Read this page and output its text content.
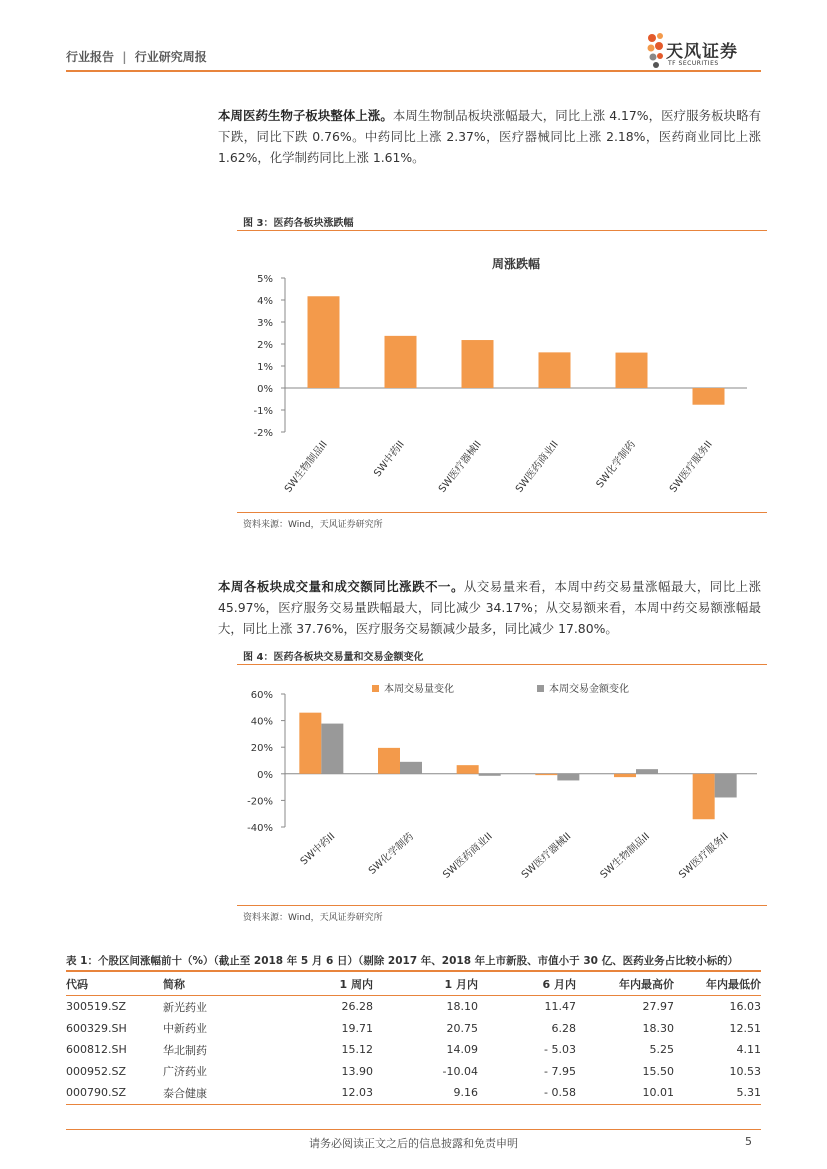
行业报告 | 行业研究周报	天风证券
TF SECURITIES
本周医药生物子板块整体上涨。本周生物制品板块涨幅最大，同比上涨 4.17%，医疗服务板块略有下跌，同比下跌 0.76%。中药同比上涨 2.37%，医疗器械同比上涨 2.18%，医药商业同比上涨 1.62%，化学制药同比上涨 1.61%。
图 3：医药各板块涨跌幅
周涨跌幅
-2%
-1%
0%
1%
2%
3%
4%
5%
SW生物制品II	SW中药II	SW医疗器械II	SW医药商业II	SW化学制药	SW医疗服务II
资料来源：Wind，天风证券研究所
本周各板块成交量和成交额同比涨跌不一。从交易量来看，本周中药交易量涨幅最大，同比上涨 45.97%，医疗服务交易量跌幅最大，同比减少 34.17%；从交易额来看，本周中药交易额涨幅最大，同比上涨 37.76%，医疗服务交易额减少最多，同比减少 17.80%。
图 4：医药各板块交易量和交易金额变化
-40%
-20%
0%
20%
40%
60%
本周交易量变化	本周交易金额变化
SW中药II	SW化学制药	SW医药商业II	SW医疗器械II	SW生物制品II	SW医疗服务II
资料来源：Wind，天风证券研究所
表 1：个股区间涨幅前十（%）（截止至 2018 年 5 月 6 日）（剔除 2017 年、2018 年上市新股、市值小于 30 亿、医药业务占比较小标的）
代码	简称	1 周内	1 月内	6 月内	年内最高价	年内最低价
300519.SZ	新光药业	26.28	18.10	11.47	27.97	16.03
600329.SH	中新药业	19.71	20.75	6.28	18.30	12.51
600812.SH	华北制药	15.12	14.09	- 5.03	5.25	4.11
000952.SZ	广济药业	13.90	-10.04	- 7.95	15.50	10.53
000790.SZ	泰合健康	12.03	9.16	- 0.58	10.01	5.31
请务必阅读正文之后的信息披露和免责申明	5
